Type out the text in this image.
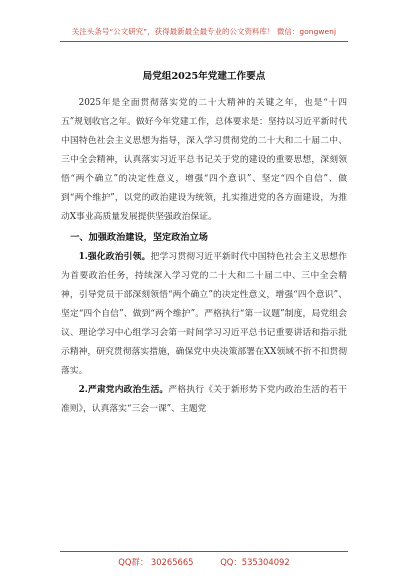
关注头条号“公文研究”，获得最新最全最专业的公文资料库！ 微信：gongwenj
局党组2025年党建工作要点

2025年是全面贯彻落实党的二十大精神的关键之年，也是“十四五”规划收官之年。做好今年党建工作，总体要求是：坚持以习近平新时代中国特色社会主义思想为指导，深入学习贯彻党的二十大和二十届二中、三中全会精神，认真落实习近平总书记关于党的建设的重要思想，深刻领悟“两个确立”的决定性意义，增强“四个意识”、坚定“四个自信”、做到“两个维护”，以党的政治建设为统领，扎实推进党的各方面建设，为推动X事业高质量发展提供坚强政治保证。

一、加强政治建设，坚定政治立场

1.强化政治引领。把学习贯彻习近平新时代中国特色社会主义思想作为首要政治任务，持续深入学习党的二十大和二十届二中、三中全会精神，引导党员干部深刻领悟“两个确立”的决定性意义，增强“四个意识”、坚定“四个自信”、做到“两个维护”。严格执行“第一议题”制度，局党组会议、理论学习中心组学习会第一时间学习习近平总书记重要讲话和指示批示精神，研究贯彻落实措施，确保党中央决策部署在XX领域不折不扣贯彻落实。

2.严肃党内政治生活。严格执行《关于新形势下党内政治生活的若干准则》，认真落实“三会一课”、主题党

QQ群： 30265665	QQ：535304092
